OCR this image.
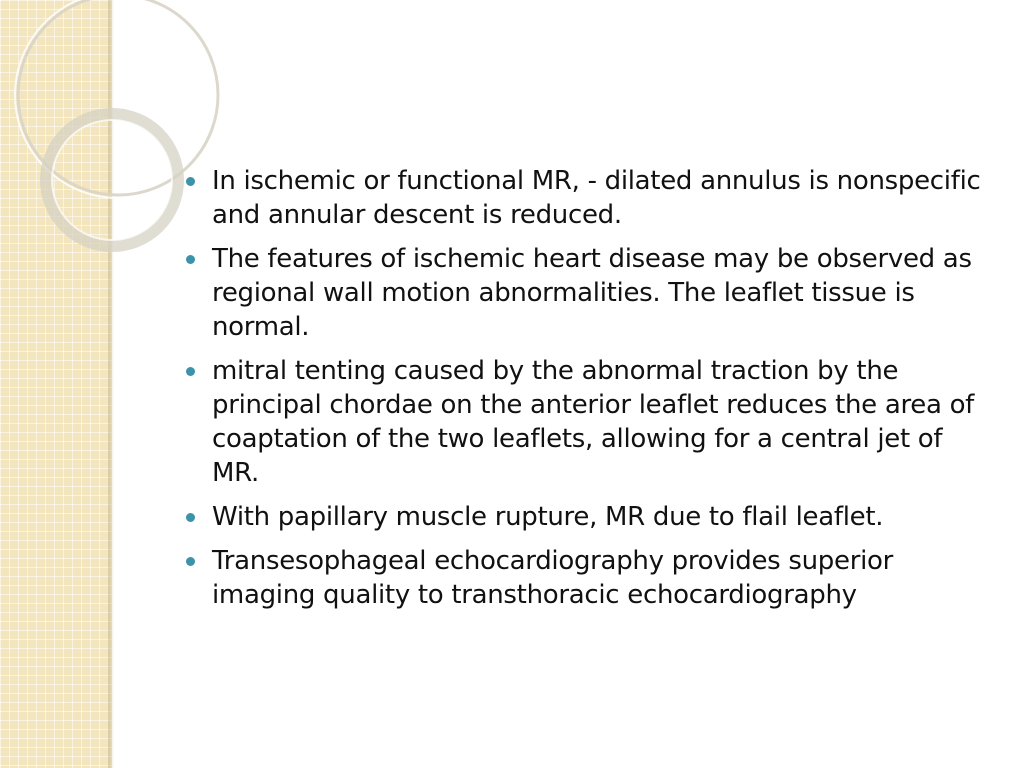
In ischemic or functional MR, - dilated annulus is nonspecific and annular descent is reduced.
The features of ischemic heart disease may be observed as regional wall motion abnormalities. The leaflet tissue is normal.
mitral tenting caused by the abnormal traction by the principal chordae on the anterior leaflet reduces the area of coaptation of the two leaflets, allowing for a central jet of MR.
With papillary muscle rupture, MR due to flail leaflet.
Transesophageal echocardiography provides superior imaging quality to transthoracic echocardiography
